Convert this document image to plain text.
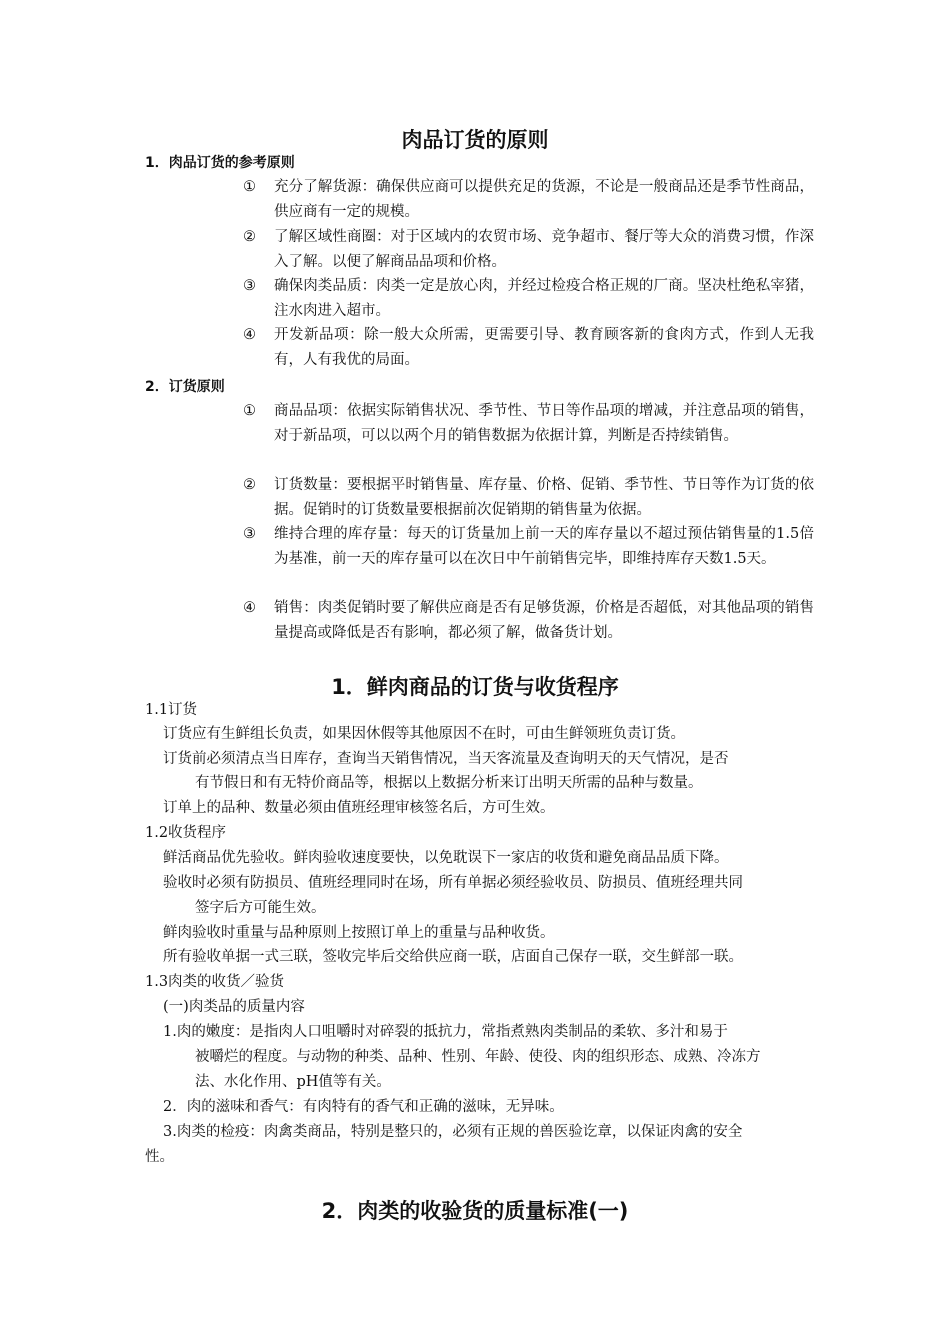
肉品订货的原则
1．肉品订货的参考原则
①	充分了解货源：确保供应商可以提供充足的货源，不论是一般商品还是季节性商品，供应商有一定的规模。
②	了解区域性商圈：对于区域内的农贸市场、竞争超市、餐厅等大众的消费习惯，作深入了解。以便了解商品品项和价格。
③	确保肉类品质：肉类一定是放心肉，并经过检疫合格正规的厂商。坚决杜绝私宰猪，注水肉进入超市。
④	开发新品项：除一般大众所需，更需要引导、教育顾客新的食肉方式，作到人无我有，人有我优的局面。
2．订货原则
①	商品品项：依据实际销售状况、季节性、节日等作品项的增减，并注意品项的销售，对于新品项，可以以两个月的销售数据为依据计算，判断是否持续销售。
②	订货数量：要根据平时销售量、库存量、价格、促销、季节性、节日等作为订货的依据。促销时的订货数量要根据前次促销期的销售量为依据。
③	维持合理的库存量：每天的订货量加上前一天的库存量以不超过预估销售量的1.5倍为基准，前一天的库存量可以在次日中午前销售完毕，即维持库存天数1.5天。
④	销售：肉类促销时要了解供应商是否有足够货源，价格是否超低，对其他品项的销售量提高或降低是否有影响，都必须了解，做备货计划。
1．鲜肉商品的订货与收货程序
1.1订货
订货应有生鲜组长负责，如果因休假等其他原因不在时，可由生鲜领班负责订货。
订货前必须清点当日库存，查询当天销售情况，当天客流量及查询明天的天气情况，是否
有节假日和有无特价商品等，根据以上数据分析来订出明天所需的品种与数量。
订单上的品种、数量必须由值班经理审核签名后，方可生效。
1.2收货程序
鲜活商品优先验收。鲜肉验收速度要快，以免耽误下一家店的收货和避免商品品质下降。
验收时必须有防损员、值班经理同时在场，所有单据必须经验收员、防损员、值班经理共同
签字后方可能生效。
鲜肉验收时重量与品种原则上按照订单上的重量与品种收货。
所有验收单据一式三联，签收完毕后交给供应商一联，店面自己保存一联，交生鲜部一联。
1.3肉类的收货／验货
(一)肉类品的质量内容
1.肉的嫩度：是指肉人口咀嚼时对碎裂的抵抗力，常指煮熟肉类制品的柔软、多汁和易于
被嚼烂的程度。与动物的种类、品种、性别、年龄、使役、肉的组织形态、成熟、冷冻方
法、水化作用、pH值等有关。
2．肉的滋味和香气：有肉特有的香气和正确的滋味，无异味。
3.肉类的检疫：肉禽类商品，特别是整只的，必须有正规的兽医验讫章，以保证肉禽的安全
性。
2．肉类的收验货的质量标准(一)
